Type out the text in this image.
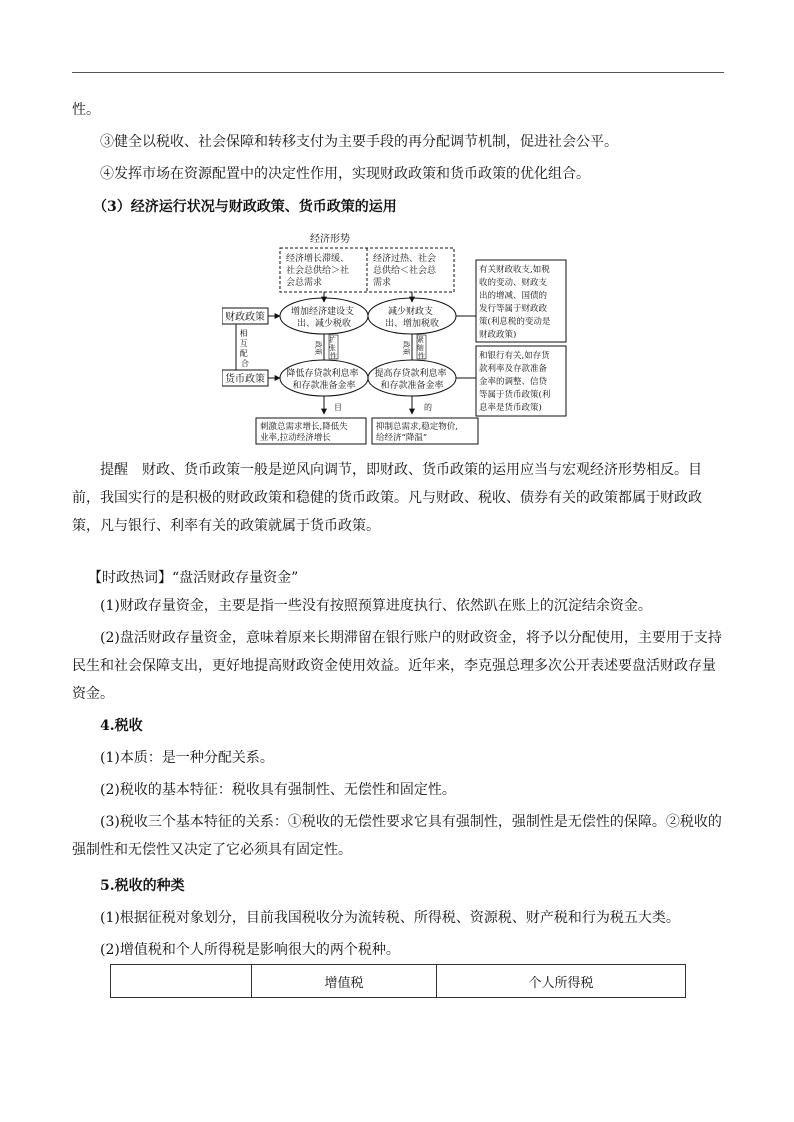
性。

③健全以税收、社会保障和转移支付为主要手段的再分配调节机制，促进社会公平。

④发挥市场在资源配置中的决定性作用，实现财政政策和货币政策的优化组合。

（3）经济运行状况与财政政策、货币政策的运用

经济形势
经济增长滞缓、 社会总供给＞社 会总需求
经济过热、社会 总供给＜社会总 需求
财政政策
货币政策
相 互 配 合
增加经济建设支 出、减少税收
减少财政支 出、增加税收
降低存贷款利息率 和存款准备金率
提高存贷款利息率 和存款准备金率
政策
扩 张 性
政策
紧 缩 性
目	的
刺激总需求增长,降低失 业率,拉动经济增长
抑制总需求,稳定物价, 给经济“降温”
有关财政收支,如税 收的变动、财政支 出的增减、国债的 发行等属于财政政 策(利息税的变动是 财政政策)
和银行有关,如存货 款利率及存款准备 金率的调整、信贷 等属于货币政策(利 息率是货币政策)

提醒　财政、货币政策一般是逆风向调节，即财政、货币政策的运用应当与宏观经济形势相反。目前，我国实行的是积极的财政政策和稳健的货币政策。凡与财政、税收、债券有关的政策都属于财政政策，凡与银行、利率有关的政策就属于货币政策。

【时政热词】“盘活财政存量资金”

(1)财政存量资金，主要是指一些没有按照预算进度执行、依然趴在账上的沉淀结余资金。

(2)盘活财政存量资金，意味着原来长期滞留在银行账户的财政资金，将予以分配使用，主要用于支持民生和社会保障支出，更好地提高财政资金使用效益。近年来，李克强总理多次公开表述要盘活财政存量资金。

4.税收

(1)本质：是一种分配关系。

(2)税收的基本特征：税收具有强制性、无偿性和固定性。

(3)税收三个基本特征的关系：①税收的无偿性要求它具有强制性，强制性是无偿性的保障。②税收的强制性和无偿性又决定了它必须具有固定性。

5.税收的种类

(1)根据征税对象划分，目前我国税收分为流转税、所得税、资源税、财产税和行为税五大类。

(2)增值税和个人所得税是影响很大的两个税种。

	增值税	个人所得税
